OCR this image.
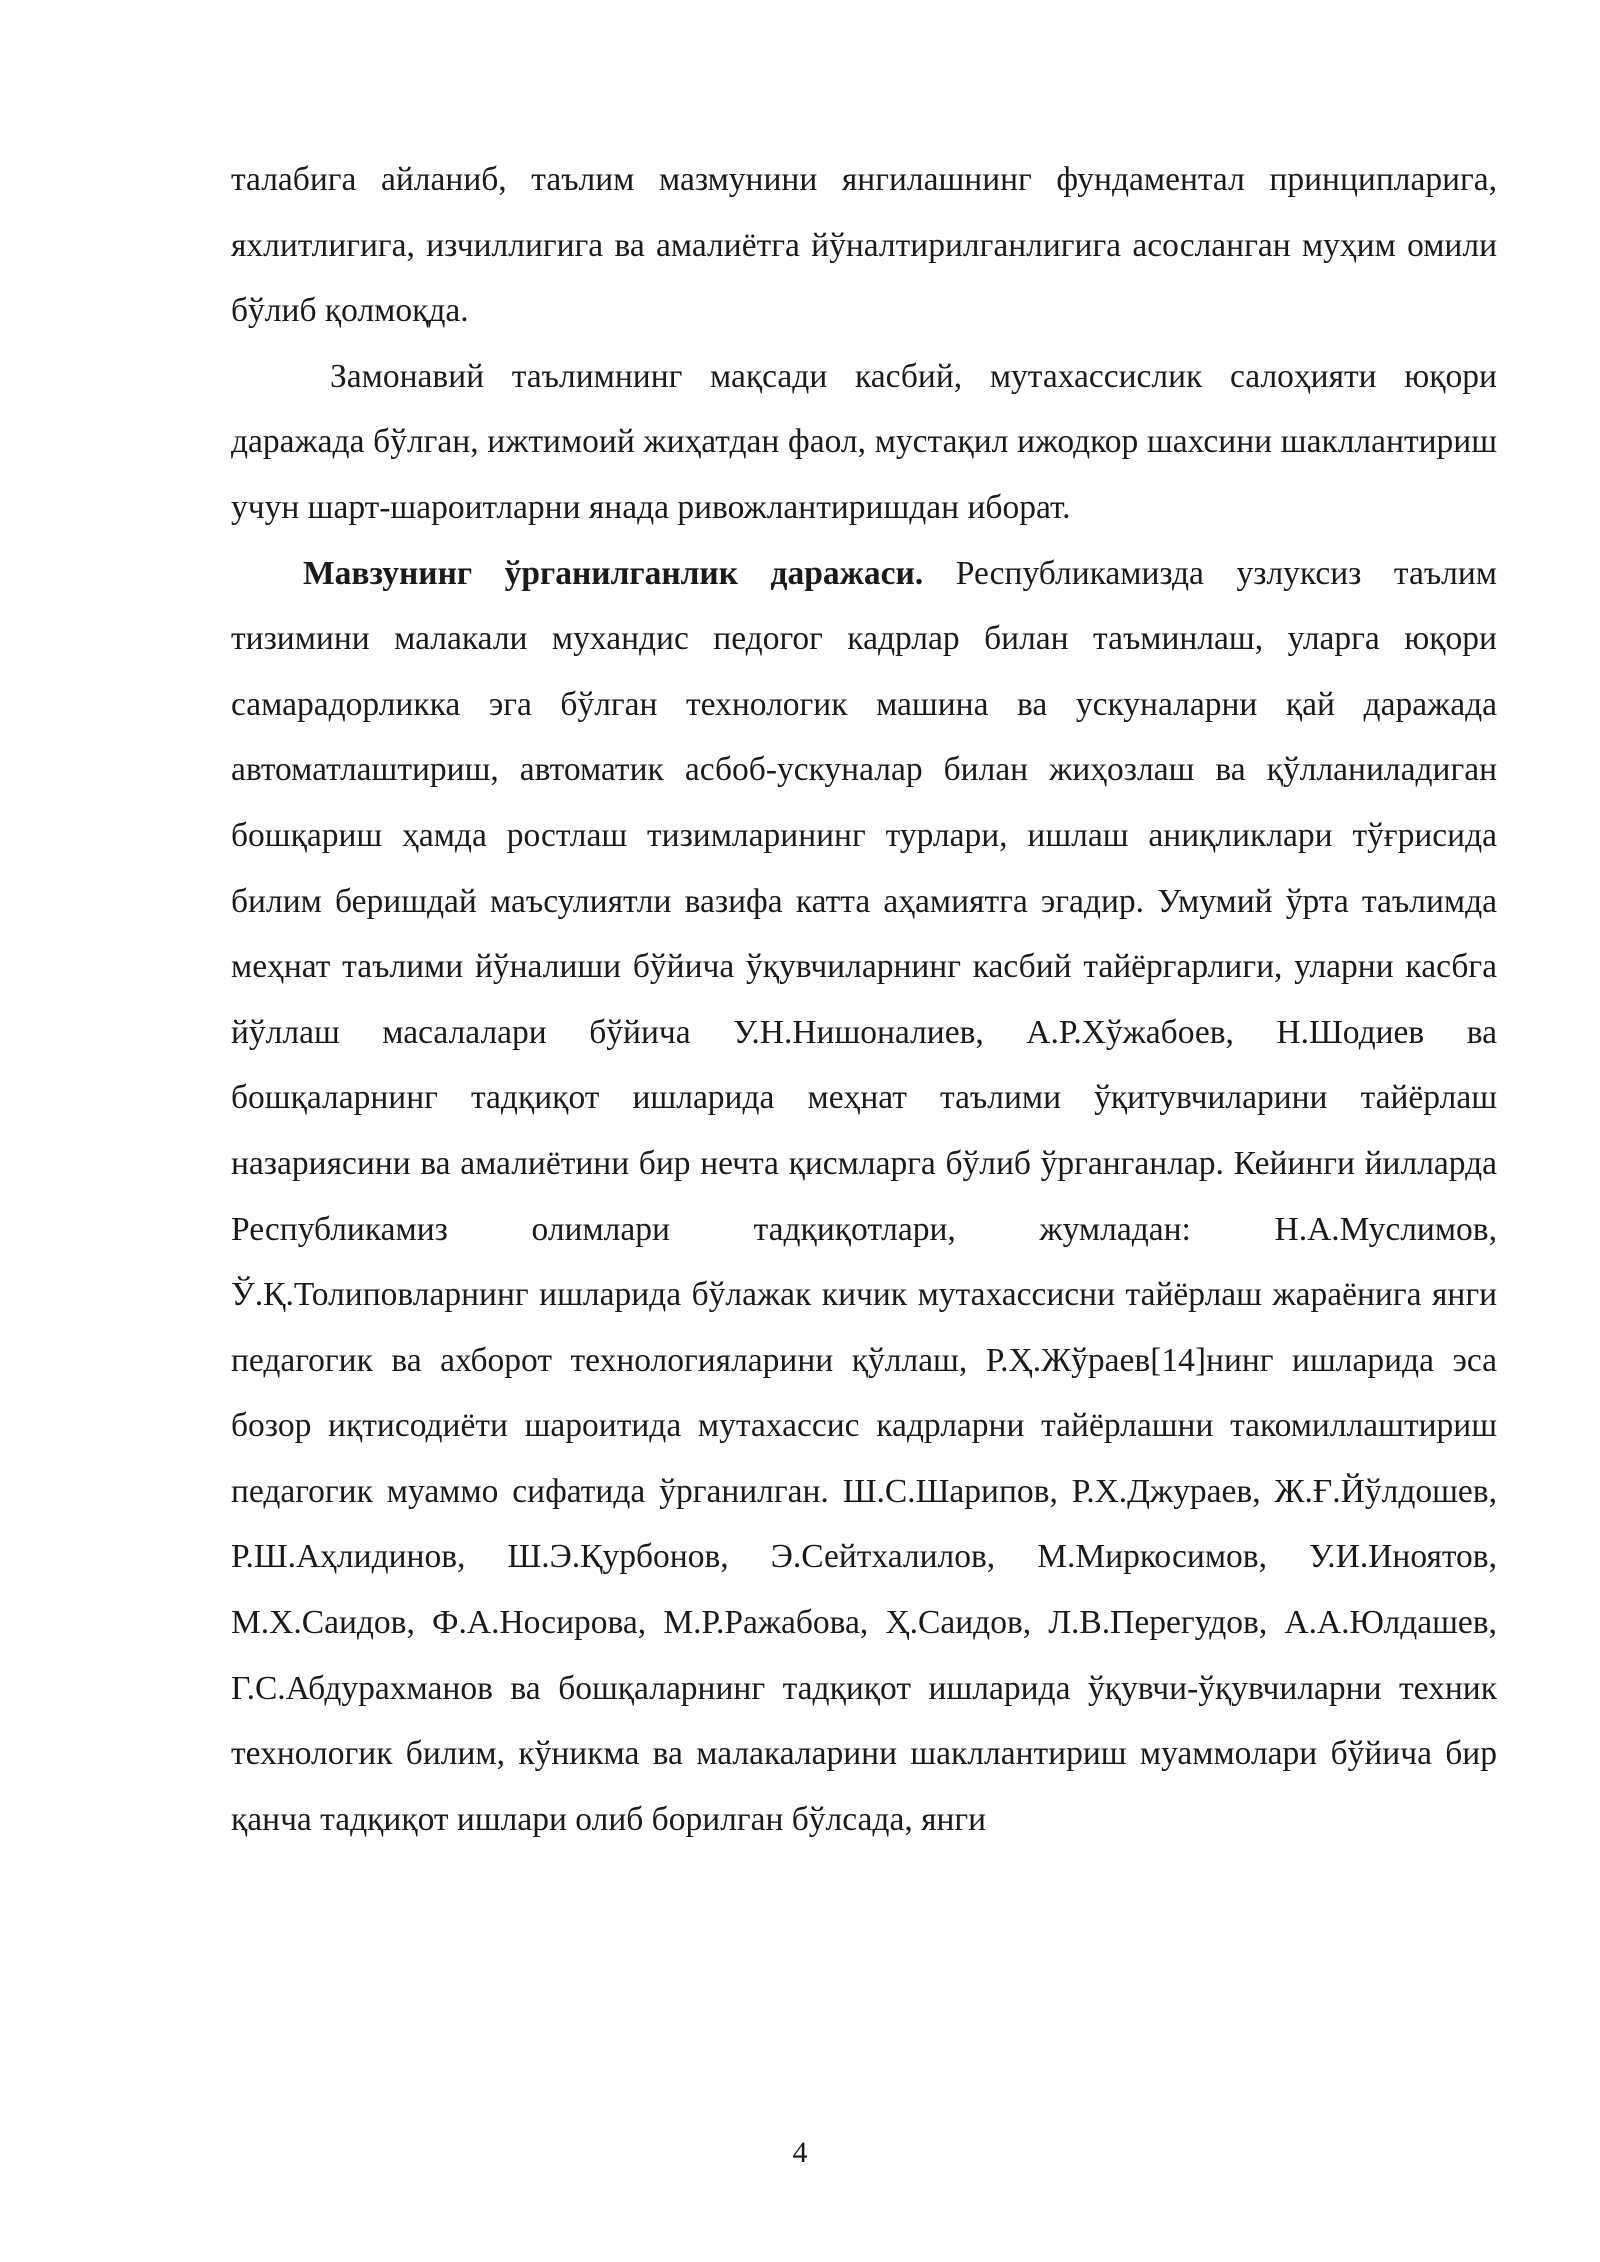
талабига айланиб, таълим мазмунини янгилашнинг фундаментал принципларига, яхлитлигига, изчиллигига ва амалиётга йўналтирилганлигига асосланган муҳим омили бўлиб қолмоқда.

Замонавий таълимнинг мақсади касбий, мутахассислик салоҳияти юқори даражада бўлган, ижтимоий жиҳатдан фаол, мустақил ижодкор шахсини шакллантириш учун шарт-шароитларни янада ривожлантиришдан иборат.

Мавзунинг ўрганилганлик даражаси. Республикамизда узлуксиз таълим тизимини малакали мухандис педогог кадрлар билан таъминлаш, уларга юқори самарадорликка эга бўлган технологик машина ва ускуналарни қай даражада автоматлаштириш, автоматик асбоб-ускуналар билан жиҳозлаш ва қўлланиладиган бошқариш ҳамда ростлаш тизимларининг турлари, ишлаш аниқликлари тўғрисида билим беришдай маъсулиятли вазифа катта аҳамиятга эгадир. Умумий ўрта таълимда меҳнат таълими йўналиши бўйича ўқувчиларнинг касбий тайёргарлиги, уларни касбга йўллаш масалалари бўйича У.Н.Нишоналиев, А.Р.Хўжабоев, Н.Шодиев ва бошқаларнинг тадқиқот ишларида меҳнат таълими ўқитувчиларини тайёрлаш назариясини ва амалиётини бир нечта қисмларга бўлиб ўрганганлар. Кейинги йилларда Республикамиз олимлари тадқиқотлари, жумладан: Н.А.Муслимов, Ў.Қ.Толиповларнинг ишларида бўлажак кичик мутахассисни тайёрлаш жараёнига янги педагогик ва ахборот технологияларини қўллаш, Р.Ҳ.Жўраев[14]нинг ишларида эса бозор иқтисодиёти шароитида мутахассис кадрларни тайёрлашни такомиллаштириш педагогик муаммо сифатида ўрганилган. Ш.С.Шарипов, Р.Х.Джураев, Ж.Ғ.Йўлдошев, Р.Ш.Аҳлидинов, Ш.Э.Қурбонов, Э.Сейтхалилов, М.Миркосимов, У.И.Иноятов, М.Х.Саидов, Ф.А.Носирова, М.Р.Ражабова, Ҳ.Саидов, Л.В.Перегудов, А.А.Юлдашев, Г.С.Абдурахманов ва бошқаларнинг тадқиқот ишларида ўқувчи-ўқувчиларни техник технологик билим, кўникма ва малакаларини шакллантириш муаммолари бўйича бир қанча тадқиқот ишлари олиб борилган бўлсада, янги

4
